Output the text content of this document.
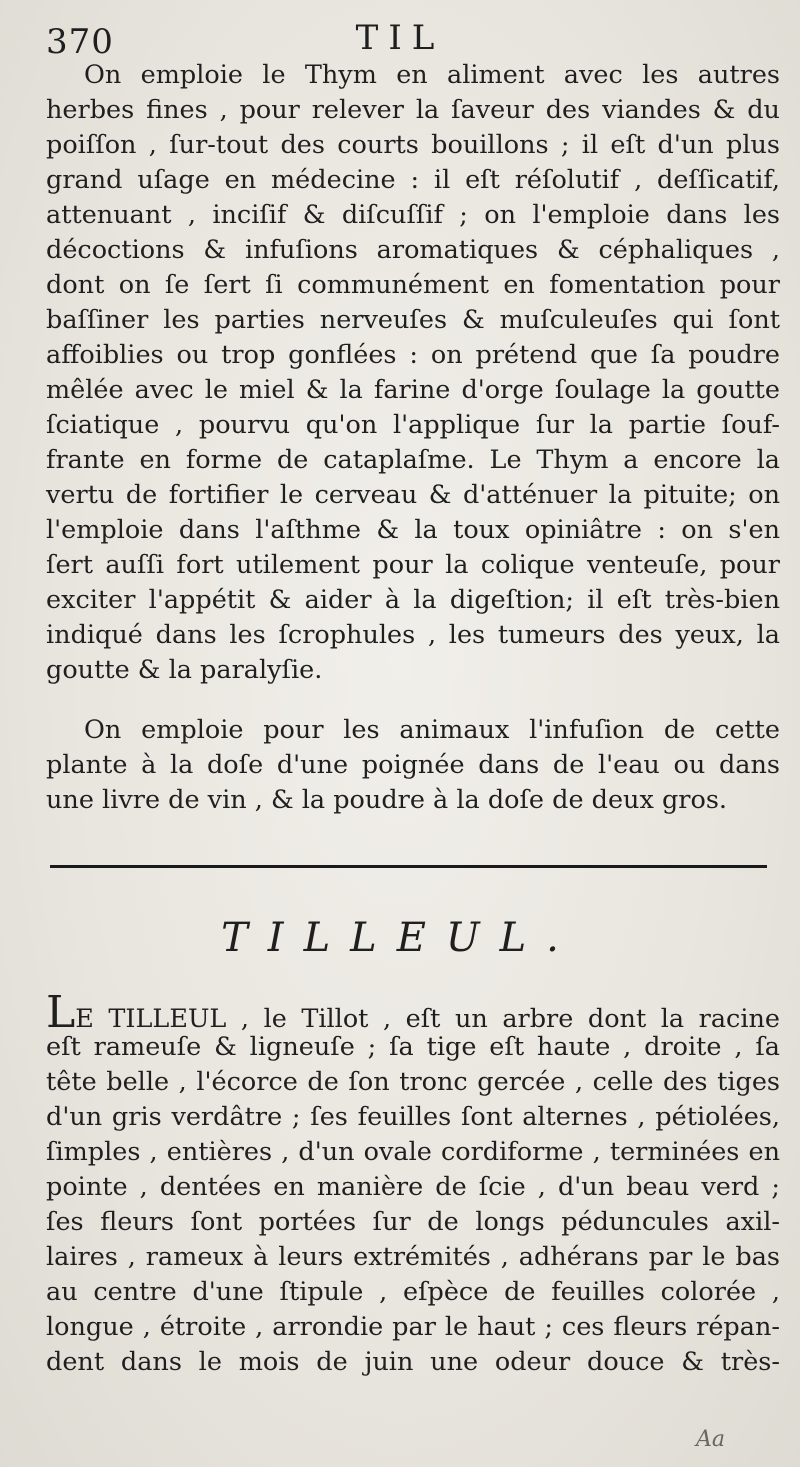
370	TIL
On emploie le Thym en aliment avec les autres
herbes fines , pour relever la ſaveur des viandes & du
poiſſon , ſur-tout des courts bouillons ; il eſt d'un plus
grand uſage en médecine : il eſt réſolutif , deſſicatif,
attenuant , inciſif & diſcuſſif ; on l'emploie dans les
décoctions & infuſions aromatiques & céphaliques ,
dont on ſe ſert ſi communément en fomentation pour
baſſiner les parties nerveuſes & muſculeuſes qui ſont
affoiblies ou trop gonflées : on prétend que ſa poudre
mêlée avec le miel & la farine d'orge ſoulage la goutte
ſciatique , pourvu qu'on l'applique ſur la partie ſouf-
frante en forme de cataplaſme. Le Thym a encore la
vertu de fortifier le cerveau & d'atténuer la pituite; on
l'emploie dans l'aſthme & la toux opiniâtre : on s'en
ſert auſſi fort utilement pour la colique venteuſe, pour
exciter l'appétit & aider à la digeſtion; il eſt très-bien
indiqué dans les ſcrophules , les tumeurs des yeux, la
goutte & la paralyſie.
On emploie pour les animaux l'infuſion de cette
plante à la doſe d'une poignée dans de l'eau ou dans
une livre de vin , & la poudre à la doſe de deux gros.
TILLEUL.
LE TILLEUL , le Tillot , eſt un arbre dont la racine
eſt rameuſe & ligneuſe ; ſa tige eſt haute , droite , ſa
tête belle , l'écorce de ſon tronc gercée , celle des tiges
d'un gris verdâtre ; ſes feuilles ſont alternes , pétiolées,
ſimples , entières , d'un ovale cordiforme , terminées en
pointe , dentées en manière de ſcie , d'un beau verd ;
ſes fleurs ſont portées ſur de longs péduncules axil-
laires , rameux à leurs extrémités , adhérans par le bas
au centre d'une ſtipule , eſpèce de feuilles colorée ,
longue , étroite , arrondie par le haut ; ces fleurs répan-
dent dans le mois de juin une odeur douce & très-
Aa
